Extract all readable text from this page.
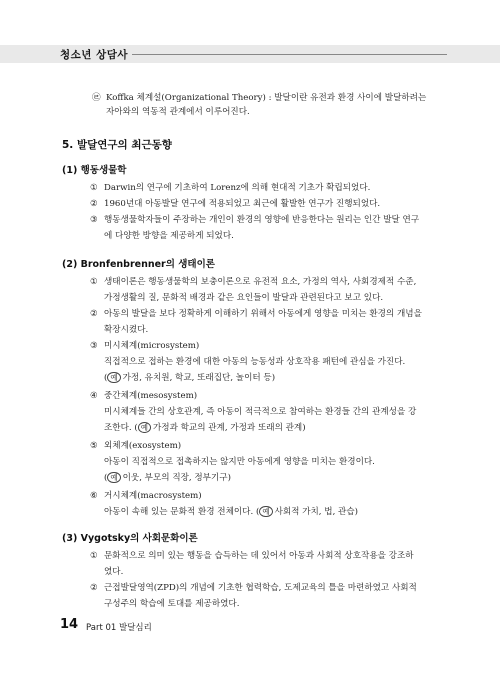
청소년 상담사
㉣ Koffka 체계설(Organizational Theory) : 발달이란 유전과 환경 사이에 발달하려는
자아와의 역동적 관계에서 이루어진다.
5. 발달연구의 최근동향
(1) 행동생물학
① Darwin의 연구에 기초하여 Lorenz에 의해 현대적 기초가 확립되었다.
② 1960년대 아동발달 연구에 적용되었고 최근에 활발한 연구가 진행되었다.
③ 행동생물학자들이 주장하는 개인이 환경의 영향에 반응한다는 원리는 인간 발달 연구
에 다양한 방향을 제공하게 되었다.
(2) Bronfenbrenner의 생태이론
① 생태이론은 행동생물학의 보충이론으로 유전적 요소, 가정의 역사, 사회경제적 수준,
가정생활의 질, 문화적 배경과 같은 요인들이 발달과 관련된다고 보고 있다.
② 아동의 발달을 보다 정확하게 이해하기 위해서 아동에게 영향을 미치는 환경의 개념을
확장시켰다.
③ 미시체계(microsystem)
직접적으로 접하는 환경에 대한 아동의 능동성과 상호작용 패턴에 관심을 가진다.
( 예 가정, 유치원, 학교, 또래집단, 놀이터 등)
④ 중간체계(mesosystem)
미시체계들 간의 상호관계, 즉 아동이 적극적으로 참여하는 환경들 간의 관계성을 강
조한다. ( 예 가정과 학교의 관계, 가정과 또래의 관계)
⑤ 외체계(exosystem)
아동이 직접적으로 접촉하지는 않지만 아동에게 영향을 미치는 환경이다.
( 예 이웃, 부모의 직장, 정부기구)
⑥ 거시체계(macrosystem)
아동이 속해 있는 문화적 환경 전체이다. ( 예 사회적 가치, 법, 관습)
(3) Vygotsky의 사회문화이론
① 문화적으로 의미 있는 행동을 습득하는 데 있어서 아동과 사회적 상호작용을 강조하
였다.
② 근접발달영역(ZPD)의 개념에 기초한 협력학습, 도제교육의 틀을 마련하였고 사회적
구성주의 학습에 토대를 제공하였다.
14 Part 01 발달심리
